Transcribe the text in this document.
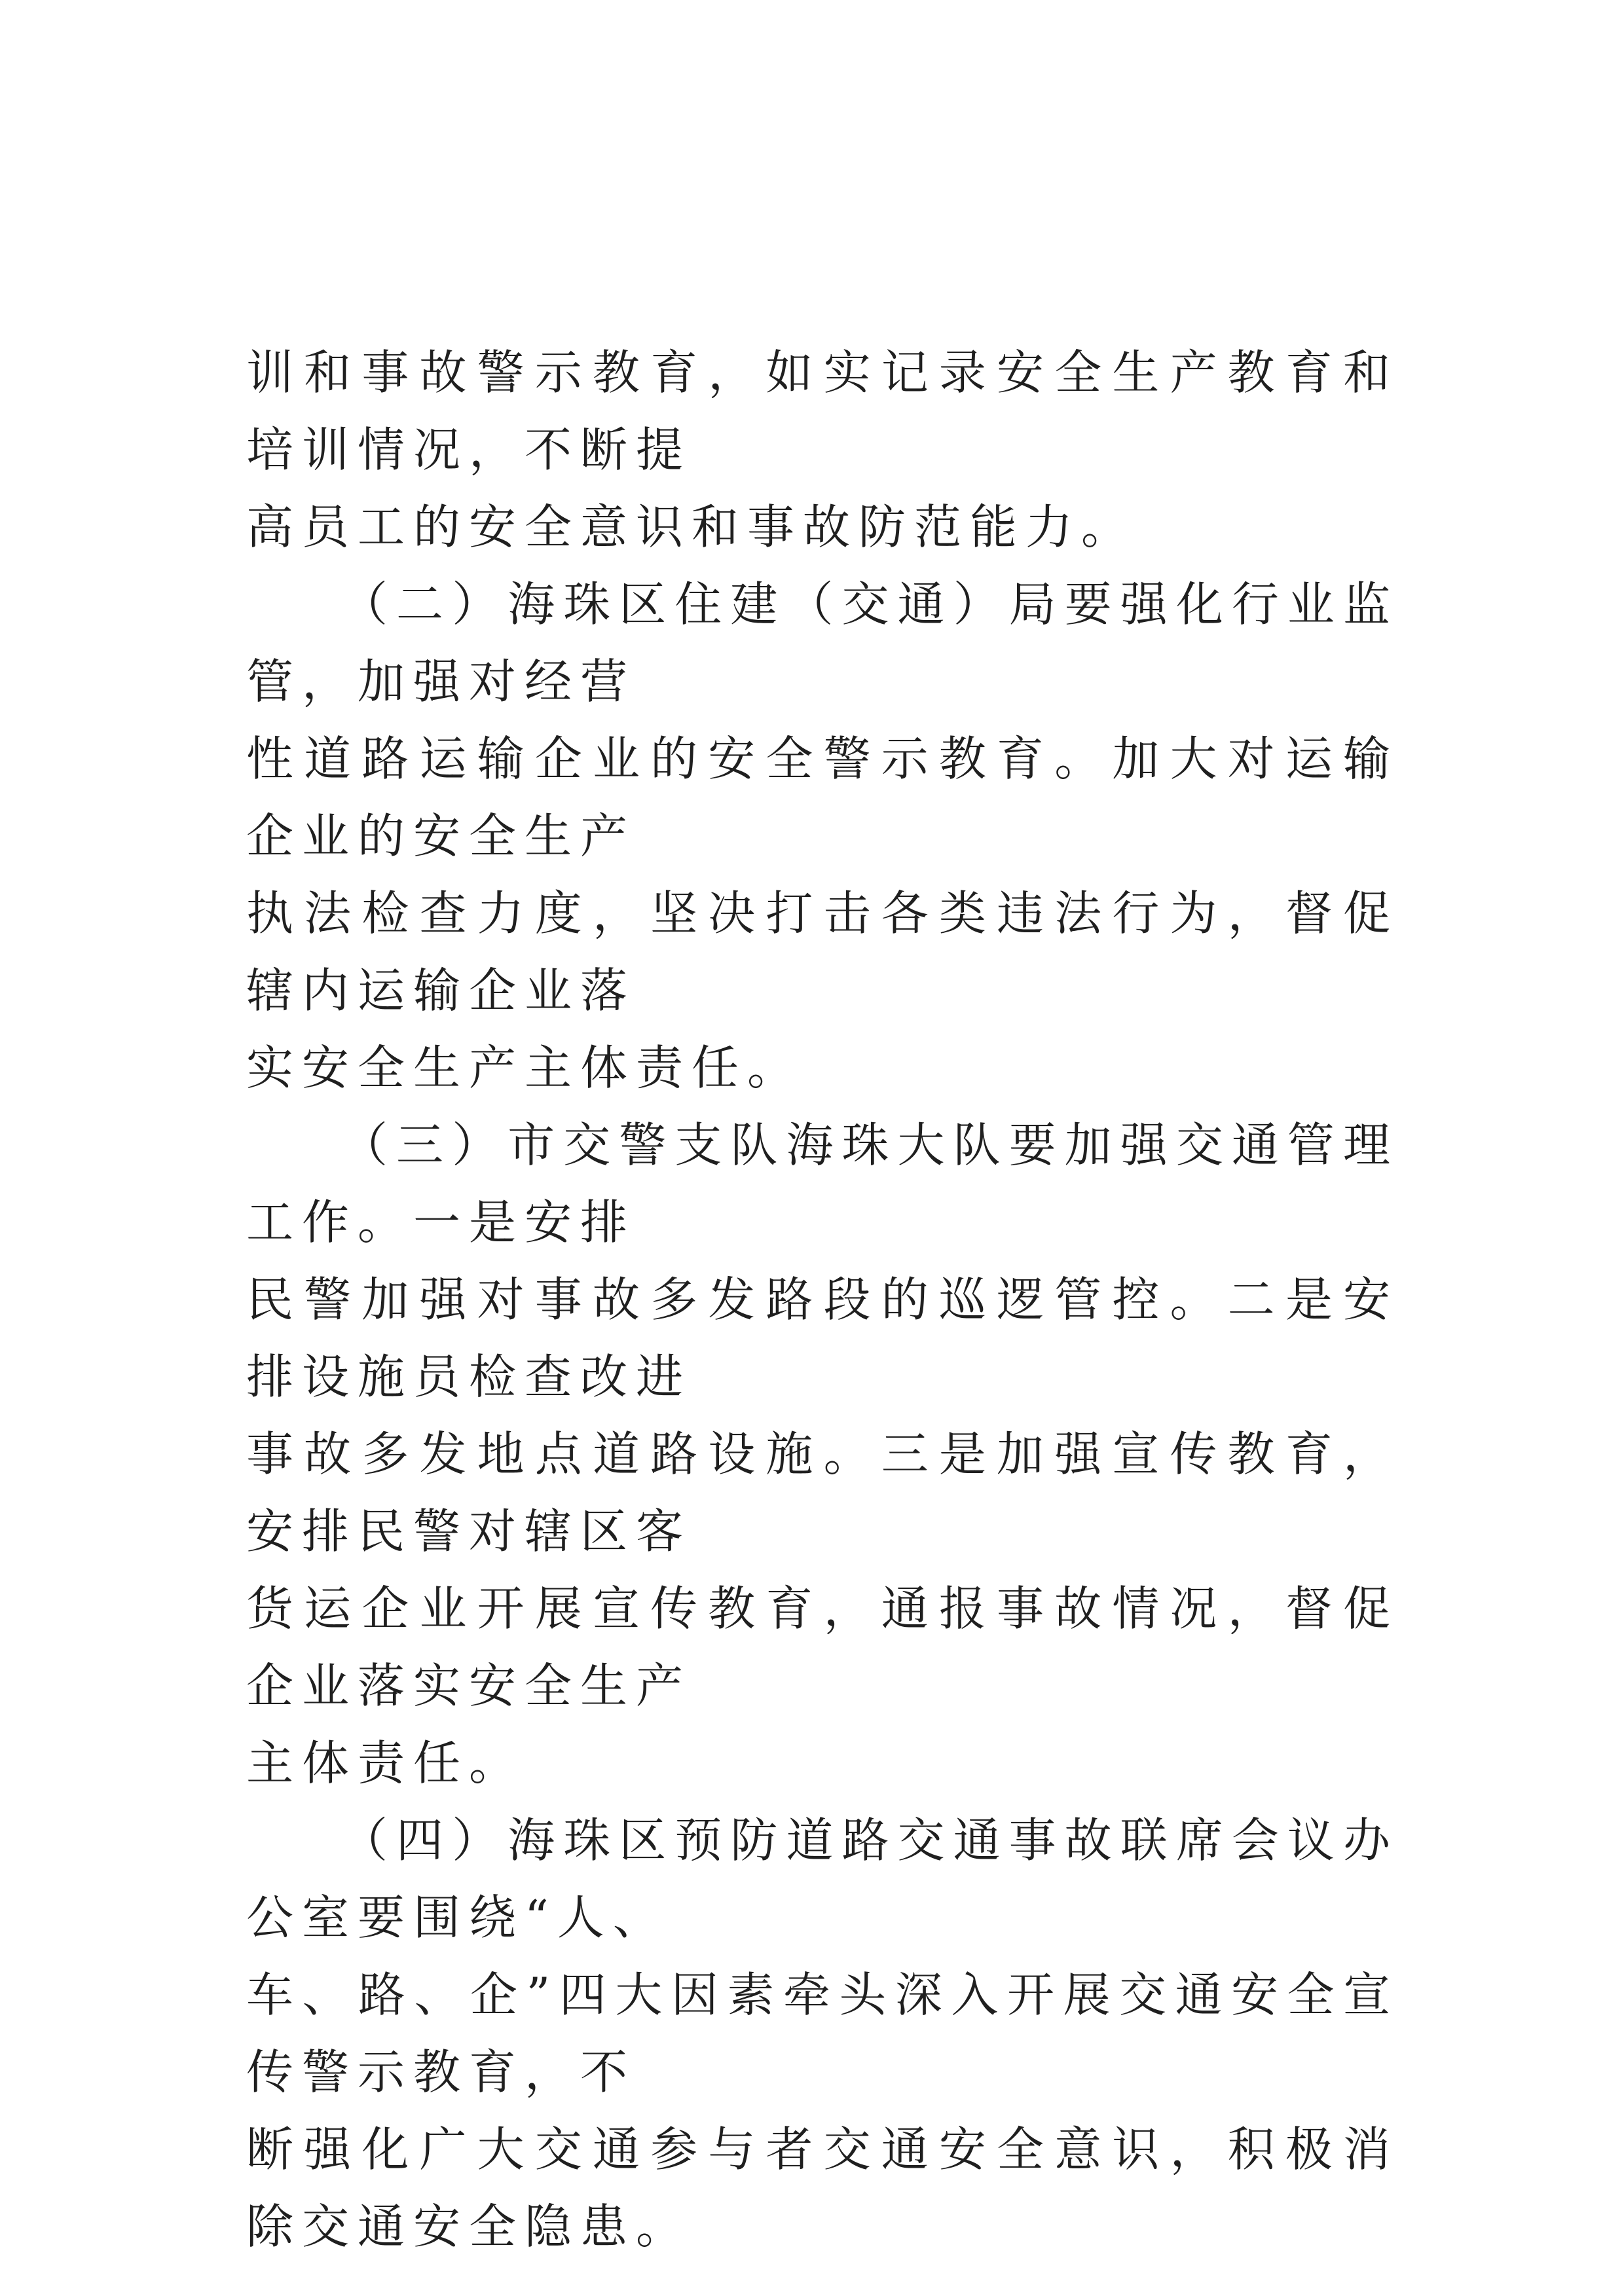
训和事故警示教育，如实记录安全生产教育和培训情况，不断提
高员工的安全意识和事故防范能力。

（二）海珠区住建（交通）局要强化行业监管，加强对经营
性道路运输企业的安全警示教育。加大对运输企业的安全生产
执法检查力度，坚决打击各类违法行为，督促辖内运输企业落
实安全生产主体责任。

（三）市交警支队海珠大队要加强交通管理工作。一是安排
民警加强对事故多发路段的巡逻管控。二是安排设施员检查改进
事故多发地点道路设施。三是加强宣传教育，安排民警对辖区客
货运企业开展宣传教育，通报事故情况，督促企业落实安全生产
主体责任。

（四）海珠区预防道路交通事故联席会议办公室要围绕“人、
车、路、企”四大因素牵头深入开展交通安全宣传警示教育，不
断强化广大交通参与者交通安全意识，积极消除交通安全隐患。
